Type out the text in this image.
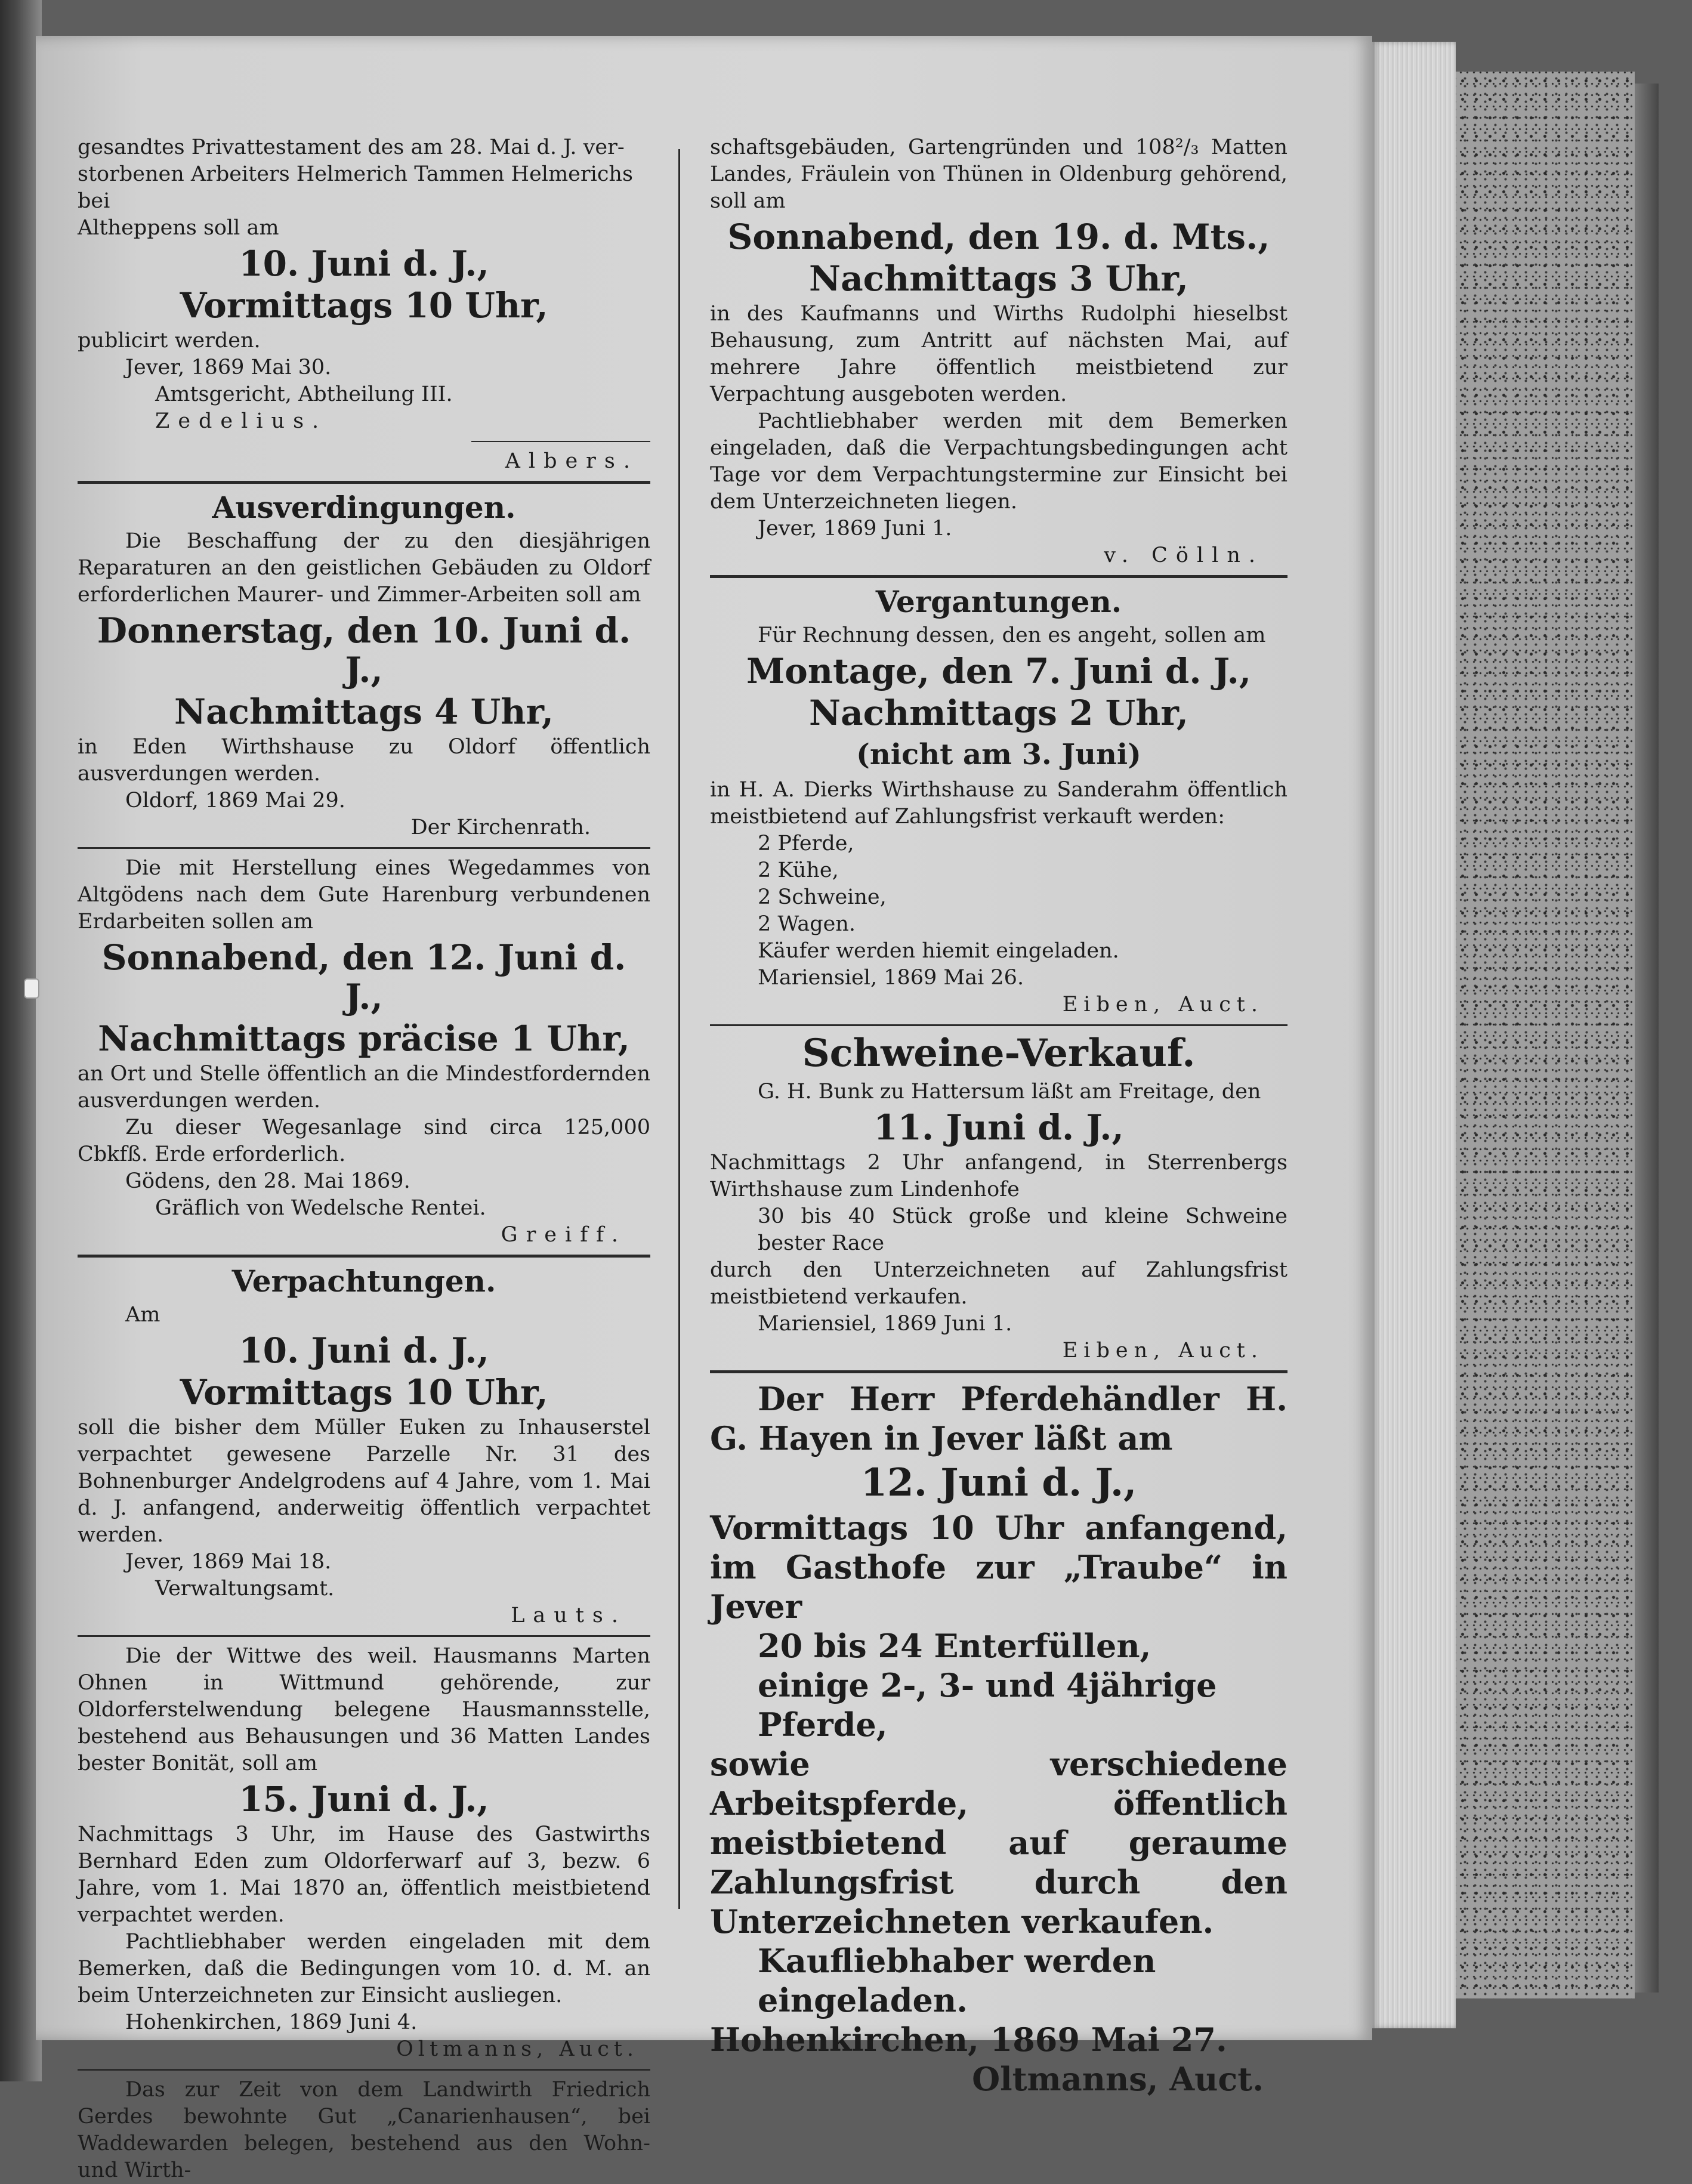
gesandtes Privattestament des am 28. Mai d. J. ver-

storbenen Arbeiters Helmerich Tammen Helmerichs bei

Altheppens soll am

10. Juni d. J.,

Vormittags 10 Uhr,

publicirt werden.

Jever, 1869 Mai 30.

Amtsgericht, Abtheilung III.

Zedelius.

Albers.

Ausverdingungen.

Die Beschaffung der zu den diesjährigen Reparaturen an den geistlichen Gebäuden zu Oldorf erforderlichen Maurer- und Zimmer-Arbeiten soll am

Donnerstag, den 10. Juni d. J.,

Nachmittags 4 Uhr,

in Eden Wirthshause zu Oldorf öffentlich ausverdungen werden.

Oldorf, 1869 Mai 29.

Der Kirchenrath.

Die mit Herstellung eines Wegedammes von Altgödens nach dem Gute Harenburg verbundenen Erdarbeiten sollen am

Sonnabend, den 12. Juni d. J.,

Nachmittags präcise 1 Uhr,

an Ort und Stelle öffentlich an die Mindestfordernden ausverdungen werden.

Zu dieser Wegesanlage sind circa 125,000 Cbkfß. Erde erforderlich.

Gödens, den 28. Mai 1869.

Gräflich von Wedelsche Rentei.

Greiff.

Verpachtungen.

Am

10. Juni d. J.,

Vormittags 10 Uhr,

soll die bisher dem Müller Euken zu Inhauserstel verpachtet gewesene Parzelle Nr. 31 des Bohnenburger Andelgrodens auf 4 Jahre, vom 1. Mai d. J. anfangend, anderweitig öffentlich verpachtet werden.

Jever, 1869 Mai 18.

Verwaltungsamt.

Lauts.

Die der Wittwe des weil. Hausmanns Marten Ohnen in Wittmund gehörende, zur Oldorferstelwendung belegene Hausmannsstelle, bestehend aus Behausungen und 36 Matten Landes bester Bonität, soll am

15. Juni d. J.,

Nachmittags 3 Uhr, im Hause des Gastwirths Bernhard Eden zum Oldorferwarf auf 3, bezw. 6 Jahre, vom 1. Mai 1870 an, öffentlich meistbietend verpachtet werden.

Pachtliebhaber werden eingeladen mit dem Bemerken, daß die Bedingungen vom 10. d. M. an beim Unterzeichneten zur Einsicht ausliegen.

Hohenkirchen, 1869 Juni 4.

Oltmanns, Auct.

Das zur Zeit von dem Landwirth Friedrich Gerdes bewohnte Gut „Canarienhausen“, bei Waddewarden belegen, bestehend aus den Wohn- und Wirth-

schaftsgebäuden, Gartengründen und 108²/₃ Matten Landes, Fräulein von Thünen in Oldenburg gehörend, soll am

Sonnabend, den 19. d. Mts.,

Nachmittags 3 Uhr,

in des Kaufmanns und Wirths Rudolphi hieselbst Behausung, zum Antritt auf nächsten Mai, auf mehrere Jahre öffentlich meistbietend zur Verpachtung ausgeboten werden.

Pachtliebhaber werden mit dem Bemerken eingeladen, daß die Verpachtungsbedingungen acht Tage vor dem Verpachtungstermine zur Einsicht bei dem Unterzeichneten liegen.

Jever, 1869 Juni 1.

v. Cölln.

Vergantungen.

Für Rechnung dessen, den es angeht, sollen am

Montage, den 7. Juni d. J.,

Nachmittags 2 Uhr,

(nicht am 3. Juni)

in H. A. Dierks Wirthshause zu Sanderahm öffentlich meistbietend auf Zahlungsfrist verkauft werden:

2 Pferde,

2 Kühe,

2 Schweine,

2 Wagen.

Käufer werden hiemit eingeladen.

Mariensiel, 1869 Mai 26.

Eiben, Auct.

Schweine-Verkauf.

G. H. Bunk zu Hattersum läßt am Freitage, den

11. Juni d. J.,

Nachmittags 2 Uhr anfangend, in Sterrenbergs Wirthshause zum Lindenhofe

30 bis 40 Stück große und kleine Schweine bester Race

durch den Unterzeichneten auf Zahlungsfrist meistbietend verkaufen.

Mariensiel, 1869 Juni 1.

Eiben, Auct.

Der Herr Pferdehändler H. G. Hayen in Jever läßt am

12. Juni d. J.,

Vormittags 10 Uhr anfangend, im Gasthofe zur „Traube“ in Jever

20 bis 24 Enterfüllen,

einige 2-, 3- und 4jährige Pferde,

sowie verschiedene Arbeitspferde, öffentlich meistbietend auf geraume Zahlungsfrist durch den Unterzeichneten verkaufen.

Kaufliebhaber werden eingeladen.

Hohenkirchen, 1869 Mai 27.

Oltmanns, Auct.
